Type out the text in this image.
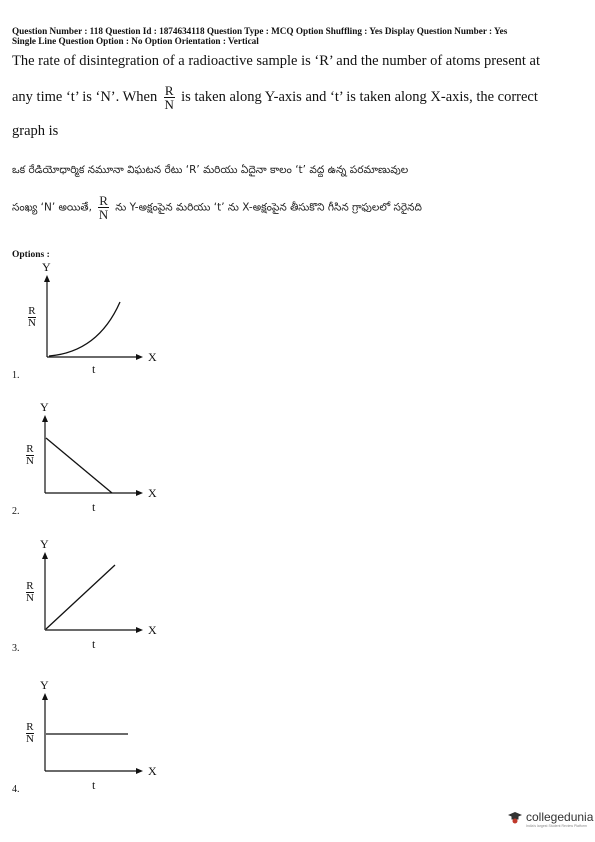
Question Number : 118 Question Id : 1874634118 Question Type : MCQ Option Shuffling : Yes Display Question Number : Yes
Single Line Question Option : No Option Orientation : Vertical
The rate of disintegration of a radioactive sample is ‘R’ and the number of atoms present at
any time ‘t’ is ‘N’. When $\frac{R}{N}$ is taken along Y-axis and ‘t’ is taken along X-axis, the correct
graph is
ఒక రేడియోధార్మిక నమూనా విఘటన రేటు ‘R’ మరియు ఏదైనా కాలం ‘t’ వద్ద ఉన్న పరమాణువుల
సంఖ్య ‘N’ అయితే, $\frac{R}{N}$ ను Y-అక్షంపైన మరియు ‘t’ ను X-అక్షంపైన తీసుకొని గీసిన గ్రాఫులలో సరైనది
Options :
Y
X
t
R
N
1.
Y
X
t
R
N
2.
Y
X
t
R
N
3.
Y
X
t
R
N
4.
collegedunia
India's largest Student Review Platform
